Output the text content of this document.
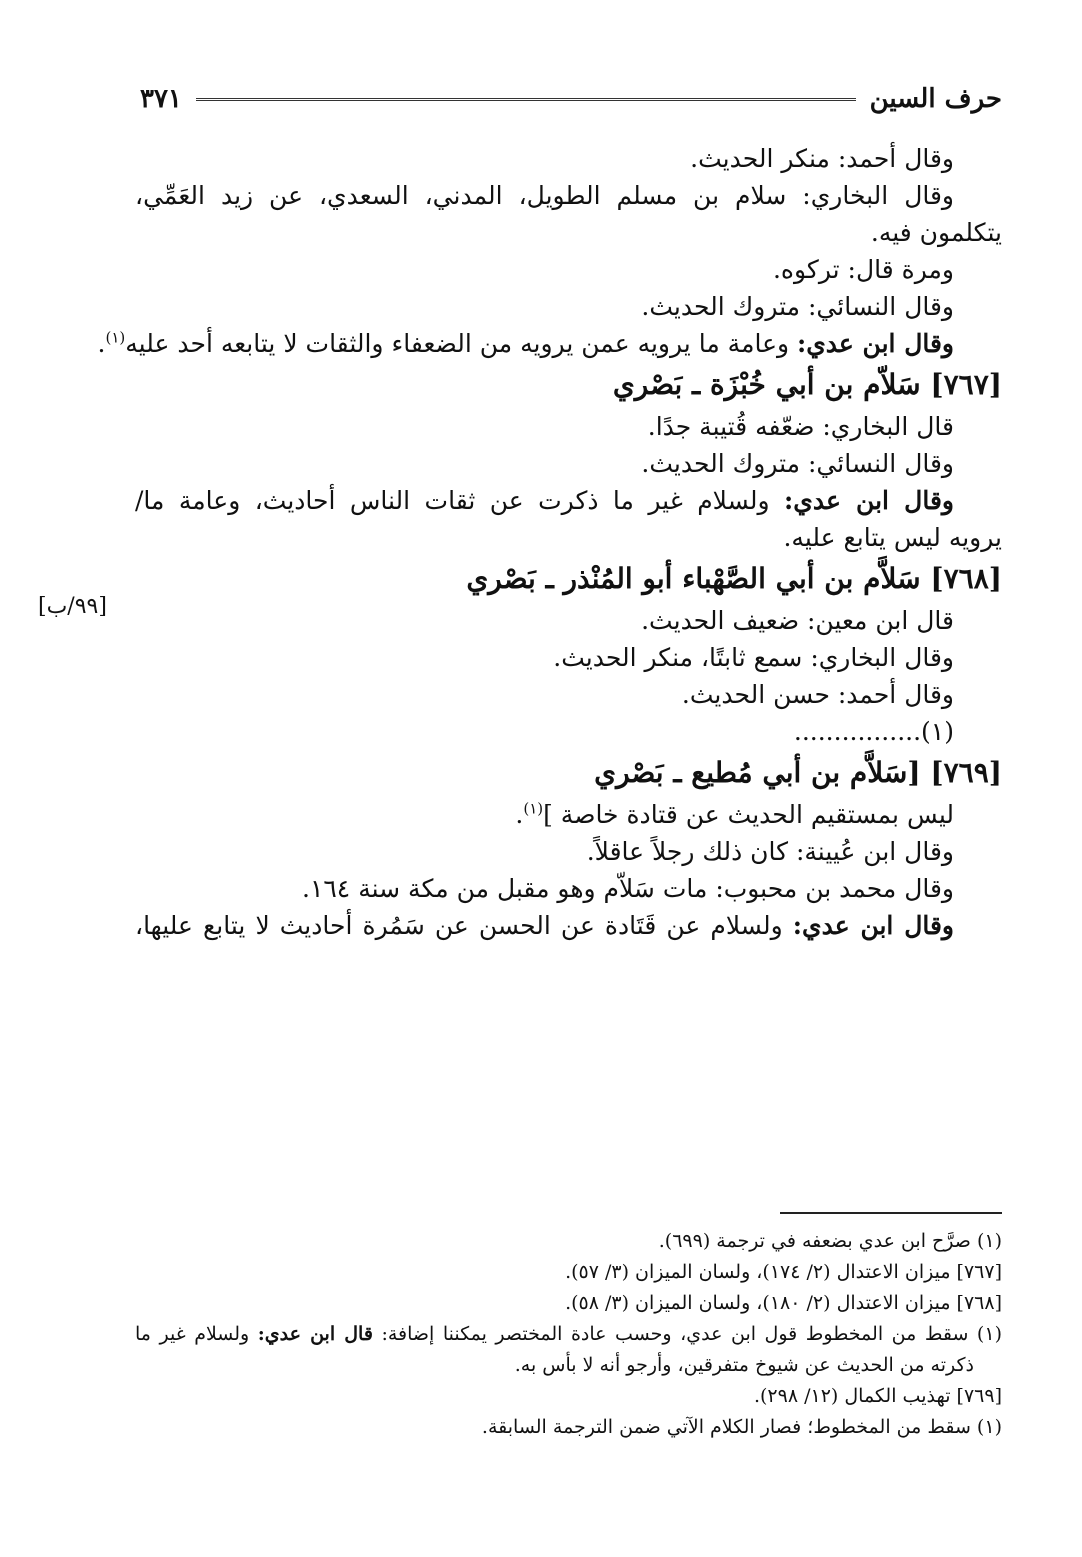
حرف السين
٣٧١
وقال أحمد: منكر الحديث.
وقال البخاري: سلام بن مسلم الطويل، المدني، السعدي، عن زيد العَمِّي،
يتكلمون فيه.
ومرة قال: تركوه.
وقال النسائي: متروك الحديث.
وقال ابن عدي: وعامة ما يرويه عمن يرويه من الضعفاء والثقات لا يتابعه أحد عليه$^{(١)}$.
[٧٦٧] سَلاّم بن أبي خُبْزَة ـ بَصْري
قال البخاري: ضعّفه قُتيبة جدًا.
وقال النسائي: متروك الحديث.
وقال ابن عدي: ولسلام غير ما ذكرت عن ثقات الناس أحاديث، وعامة ما/
يرويه ليس يتابع عليه.
[٧٦٨] سَلاَّم بن أبي الصَّهْباء أبو المُنْذر ـ بَصْري
قال ابن معين: ضعيف الحديث.
وقال البخاري: سمع ثابتًا، منكر الحديث.
وقال أحمد: حسن الحديث.
(١)................
[٧٦٩] [سَلاَّم بن أبي مُطيع ـ بَصْري
ليس بمستقيم الحديث عن قتادة خاصة ]$^{(١)}$.
وقال ابن عُيينة: كان ذلك رجلاً عاقلاً.
وقال محمد بن محبوب: مات سَلاّم وهو مقبل من مكة سنة ١٦٤.
وقال ابن عدي: ولسلام عن قَتَادة عن الحسن عن سَمُرة أحاديث لا يتابع عليها،
[٩٩/ب]
(١) صرَّح ابن عدي بضعفه في ترجمة (٦٩٩).
[٧٦٧] ميزان الاعتدال (٢/ ١٧٤)، ولسان الميزان (٣/ ٥٧).
[٧٦٨] ميزان الاعتدال (٢/ ١٨٠)، ولسان الميزان (٣/ ٥٨).
(١) سقط من المخطوط قول ابن عدي، وحسب عادة المختصر يمكننا إضافة: قال ابن عدي: ولسلام غير ما
ذكرته من الحديث عن شيوخ متفرقين، وأرجو أنه لا بأس به.
[٧٦٩] تهذيب الكمال (١٢/ ٢٩٨).
(١) سقط من المخطوط؛ فصار الكلام الآتي ضمن الترجمة السابقة.
